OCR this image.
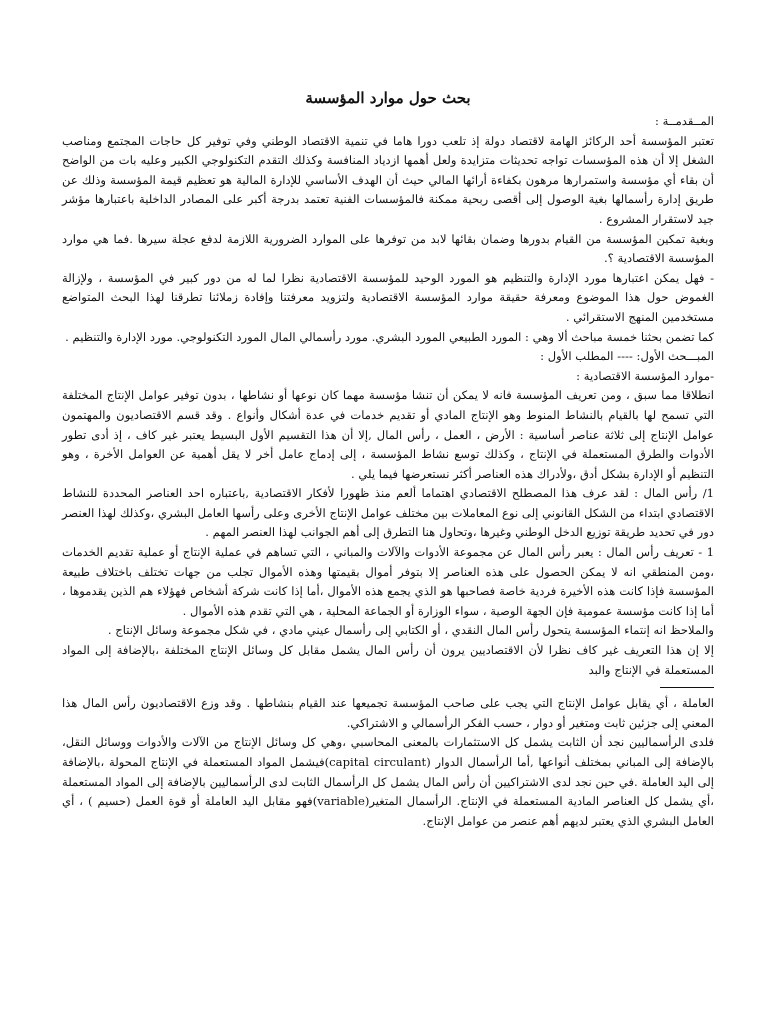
بحث حول موارد المؤسسة

المــقدمــة :

تعتبر المؤسسة أحد الركائز الهامة لاقتصاد دولة إذ تلعب دورا هاما في تنمية الاقتصاد الوطني وفي توفير كل حاجات المجتمع ومناصب الشغل إلا أن هذه المؤسسات تواجه تحديثات متزايدة ولعل أهمها ازدياد المنافسة وكذلك التقدم التكنولوجي الكبير وعليه بات من الواضح أن بقاء أي مؤسسة واستمرارها مرهون بكفاءة أرائها المالي حيث أن الهدف الأساسي للإدارة المالية هو تعظيم قيمة المؤسسة وذلك عن طريق إدارة رأسمالها بغية الوصول إلى أقصى ربحية ممكنة فالمؤسسات الفنية تعتمد بدرجة أكبر على المصادر الداخلية باعتبارها مؤشر جيد لاستقرار المشروع .

وبغية تمكين المؤسسة من القيام بدورها وضمان بقائها لابد من توفرها على الموارد الضرورية اللازمة لدفع عجلة سيرها .فما هي موارد المؤسسة الاقتصادية ؟.

- فهل يمكن اعتبارها مورد الإدارة والتنظيم هو المورد الوحيد للمؤسسة الاقتصادية نظرا لما له من دور كبير في المؤسسة ، ولإزالة الغموض حول هذا الموضوع ومعرفة حقيقة موارد المؤسسة الاقتصادية ولتزويد معرفتنا وإفادة زملائنا تطرقنا لهذا البحث المتواضع مستخدمين المنهج الاستقرائي .

كما تضمن بحثنا خمسة مباحث ألا وهي : المورد الطبيعي المورد البشري. مورد رأسمالي المال المورد التكنولوجي. مورد الإدارة والتنظيم .

المبـــحث الأول: ---- المطلب الأول :

-موارد المؤسسة الاقتصادية :

انطلاقا مما سبق ، ومن تعريف المؤسسة فانه لا يمكن أن تنشا مؤسسة مهما كان نوعها أو نشاطها ، بدون توفير عوامل الإنتاج المختلفة التي تسمح لها بالقيام بالنشاط المنوط وهو الإنتاج المادي أو تقديم خدمات في عدة أشكال وأنواع . وقد قسم الاقتصاديون والمهتمون عوامل الإنتاج إلى ثلاثة عناصر أساسية : الأرض ، العمل ، رأس المال ,إلا أن هذا التقسيم الأول البسيط يعتبر غير كاف ، إذ أدى تطور الأدوات والطرق المستعملة في الإنتاج ، وكذلك توسع نشاط المؤسسة ، إلى إدماج عامل أخر لا يقل أهمية عن العوامل الأخرة ، وهو التنظيم أو الإدارة بشكل أدق ،ولأدراك هذه العناصر أكثر نستعرضها فيما يلي .

1/ رأس المال : لقد عرف هذا المصطلح الاقتصادي اهتماما ألعم منذ ظهورا لأفكار الاقتصادية ,باعتباره احد العناصر المحددة للنشاط الاقتصادي ابتداء من الشكل القانوني إلى نوع المعاملات بين مختلف عوامل الإنتاج الأخرى وعلى رأسها العامل البشري ،وكذلك لهذا العنصر دور في تحديد طريقة توزيع الدخل الوطني وغيرها ،وتحاول هنا التطرق إلى أهم الجوانب لهذا العنصر المهم .

1 - تعريف رأس المال : يعبر رأس المال عن مجموعة الأدوات والآلات والمباني ، التي تساهم في عملية الإنتاج أو عملية تقديم الخدمات ،ومن المنطقي انه لا يمكن الحصول على هذه العناصر إلا بتوفر أموال بقيمتها وهذه الأموال تجلب من جهات تختلف باختلاف طبيعة المؤسسة فإذا كانت هذه الأخيرة فردية خاصة فصاحبها هو الذي يجمع هذه الأموال ،أما إذا كانت شركة أشخاص فهؤلاء هم الذين يقدموها ، أما إذا كانت مؤسسة عمومية فإن الجهة الوصية ، سواء الوزارة أو الجماعة المحلية ، هي التي تقدم هذه الأموال .

والملاحظ انه إنتماء المؤسسة يتحول رأس المال النقدي ، أو الكتابي إلى رأسمال عيني مادي ، في شكل مجموعة وسائل الإنتاج .

إلا إن هذا التعريف غير كاف نظرا لأن الاقتصاديين يرون أن رأس المال يشمل مقابل كل وسائل الإنتاج المختلفة ،بالإضافة إلى المواد المستعملة في الإنتاج والبد

العاملة ، أي يقابل عوامل الإنتاج التي يجب على صاحب المؤسسة تجميعها عند القيام بنشاطها . وقد وزع الاقتصاديون رأس المال هذا المعني إلى جزئين ثابت ومتغير أو دوار ، حسب الفكر الرأسمالي و الاشتراكي.

فلدى الرأسماليين نجد أن الثابت يشمل كل الاستثمارات بالمعنى المحاسبي ،وهي كل وسائل الإنتاج من الآلات والأدوات ووسائل النقل، بالإضافة إلى المباني بمختلف أنواعها ,أما الرأسمال الدوار (capital circulant)فيشمل المواد المستعملة في الإنتاج المحولة ،بالإضافة إلى اليد العاملة .في حين نجد لدى الاشتراكيين أن رأس المال يشمل كل الرأسمال الثابت لدى الرأسماليين بالإضافة إلى المواد المستعملة ،أي يشمل كل العناصر المادية المستعملة في الإنتاج. الرأسمال المتغير(variable)فهو مقابل اليد العاملة أو قوة العمل (حسيم ) ، أي العامل البشري الذي يعتبر لديهم أهم عنصر من عوامل الإنتاج.
